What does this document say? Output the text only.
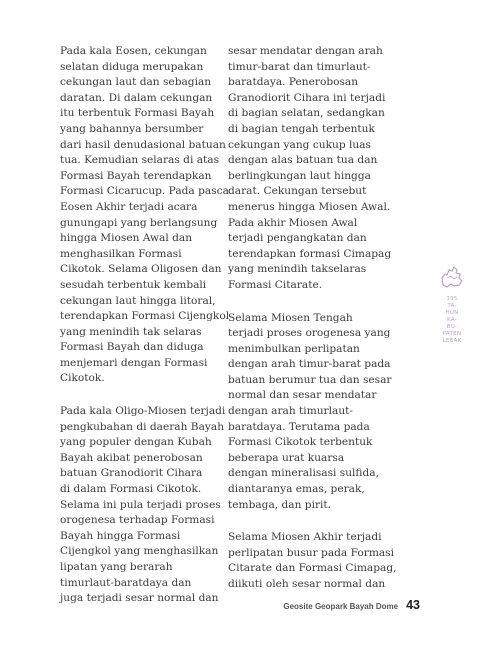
Pada kala Eosen, cekungan

selatan diduga merupakan

cekungan laut dan sebagian

daratan. Di dalam cekungan

itu terbentuk Formasi Bayah

yang bahannya bersumber

dari hasil denudasional batuan

tua. Kemudian selaras di atas

Formasi Bayah terendapkan

Formasi Cicarucup. Pada pasca

Eosen Akhir terjadi acara

gunungapi yang berlangsung

hingga Miosen Awal dan

menghasilkan Formasi

Cikotok. Selama Oligosen dan

sesudah terbentuk kembali

cekungan laut hingga litoral,

terendapkan Formasi Cijengkol

yang menindih tak selaras

Formasi Bayah dan diduga

menjemari dengan Formasi

Cikotok.

Pada kala Oligo-Miosen terjadi

pengkubahan di daerah Bayah

yang populer dengan Kubah

Bayah akibat penerobosan

batuan Granodiorit Cihara

di dalam Formasi Cikotok.

Selama ini pula terjadi proses

orogenesa terhadap Formasi

Bayah hingga Formasi

Cijengkol yang menghasilkan

lipatan yang berarah

timurlaut-baratdaya dan

juga terjadi sesar normal dan

sesar mendatar dengan arah

timur-barat dan timurlaut-

baratdaya. Penerobosan

Granodiorit Cihara ini terjadi

di bagian selatan, sedangkan

di bagian tengah terbentuk

cekungan yang cukup luas

dengan alas batuan tua dan

berlingkungan laut hingga

darat. Cekungan tersebut

menerus hingga Miosen Awal.

Pada akhir Miosen Awal

terjadi pengangkatan dan

terendapkan formasi Cimapag

yang menindih takselaras

Formasi Citarate.

Selama Miosen Tengah

terjadi proses orogenesa yang

menimbulkan perlipatan

dengan arah timur-barat pada

batuan berumur tua dan sesar

normal dan sesar mendatar

dengan arah timurlaut-

baratdaya. Terutama pada

Formasi Cikotok terbentuk

beberapa urat kuarsa

dengan mineralisasi sulfida,

diantaranya emas, perak,

tembaga, dan pirit.

Selama Miosen Akhir terjadi

perlipatan busur pada Formasi

Citarate dan Formasi Cimapag,

diikuti oleh sesar normal dan

195
TA-
HUN
KA-
BU-
PATEN
LEBAK
Geosite Geopark Bayah Dome 43
